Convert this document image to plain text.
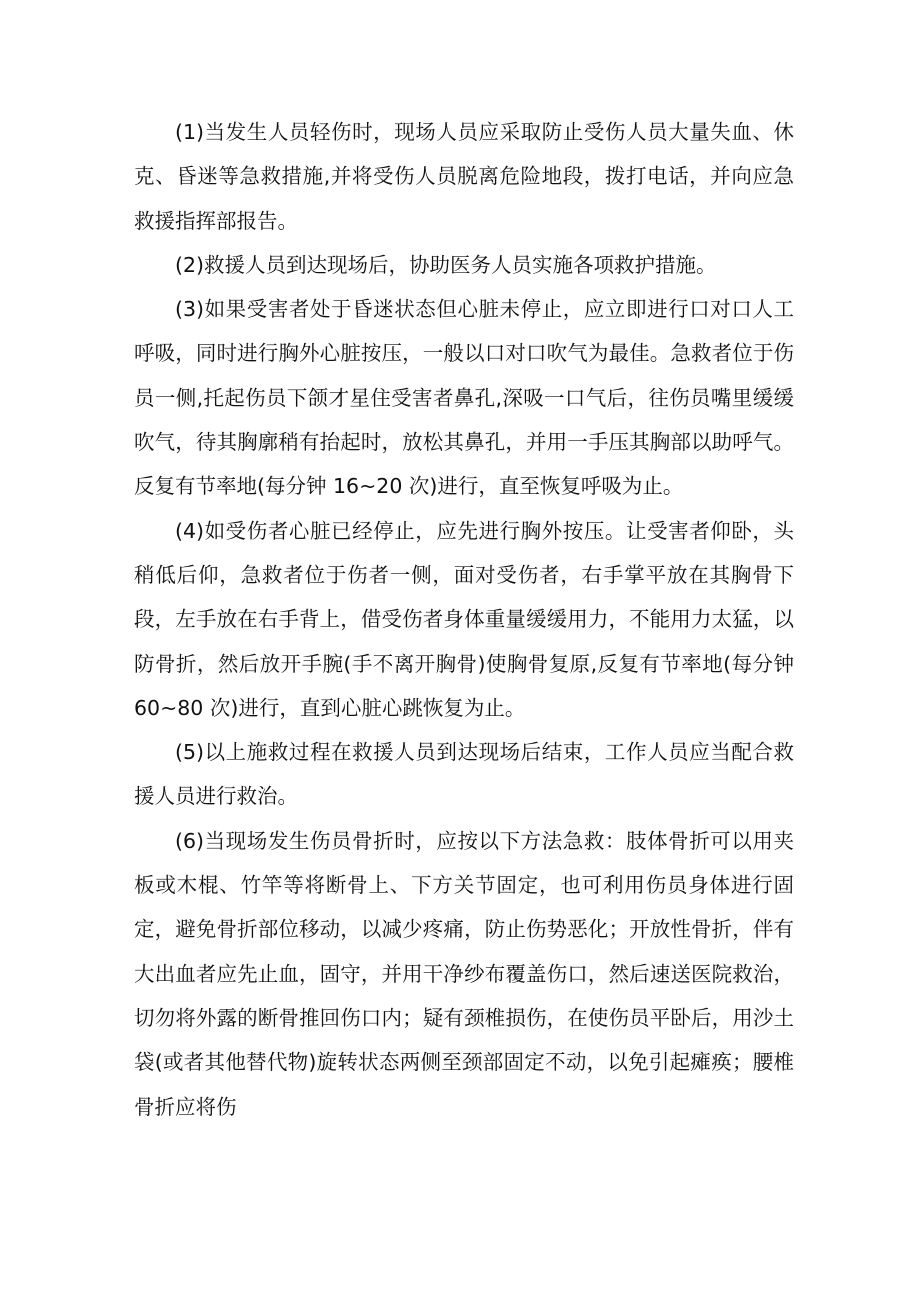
(1)当发生人员轻伤时，现场人员应采取防止受伤人员大量失血、休克、昏迷等急救措施,并将受伤人员脱离危险地段，拨打电话，并向应急救援指挥部报告。

(2)救援人员到达现场后，协助医务人员实施各项救护措施。

(3)如果受害者处于昏迷状态但心脏未停止，应立即进行口对口人工呼吸，同时进行胸外心脏按压，一般以口对口吹气为最佳。急救者位于伤员一侧,托起伤员下颌才星住受害者鼻孔,深吸一口气后，往伤员嘴里缓缓吹气，待其胸廓稍有抬起时，放松其鼻孔，并用一手压其胸部以助呼气。反复有节率地(每分钟 16~20 次)进行，直至恢复呼吸为止。

(4)如受伤者心脏已经停止，应先进行胸外按压。让受害者仰卧，头稍低后仰，急救者位于伤者一侧，面对受伤者，右手掌平放在其胸骨下段，左手放在右手背上，借受伤者身体重量缓缓用力，不能用力太猛，以防骨折，然后放开手腕(手不离开胸骨)使胸骨复原,反复有节率地(每分钟 60~80 次)进行，直到心脏心跳恢复为止。

(5)以上施救过程在救援人员到达现场后结束，工作人员应当配合救援人员进行救治。

(6)当现场发生伤员骨折时，应按以下方法急救：肢体骨折可以用夹板或木棍、竹竿等将断骨上、下方关节固定，也可利用伤员身体进行固定，避免骨折部位移动，以减少疼痛，防止伤势恶化；开放性骨折，伴有大出血者应先止血，固守，并用干净纱布覆盖伤口，然后速送医院救治，切勿将外露的断骨推回伤口内；疑有颈椎损伤，在使伤员平卧后，用沙土袋(或者其他替代物)旋转状态两侧至颈部固定不动，以免引起瘫痪；腰椎骨折应将伤
